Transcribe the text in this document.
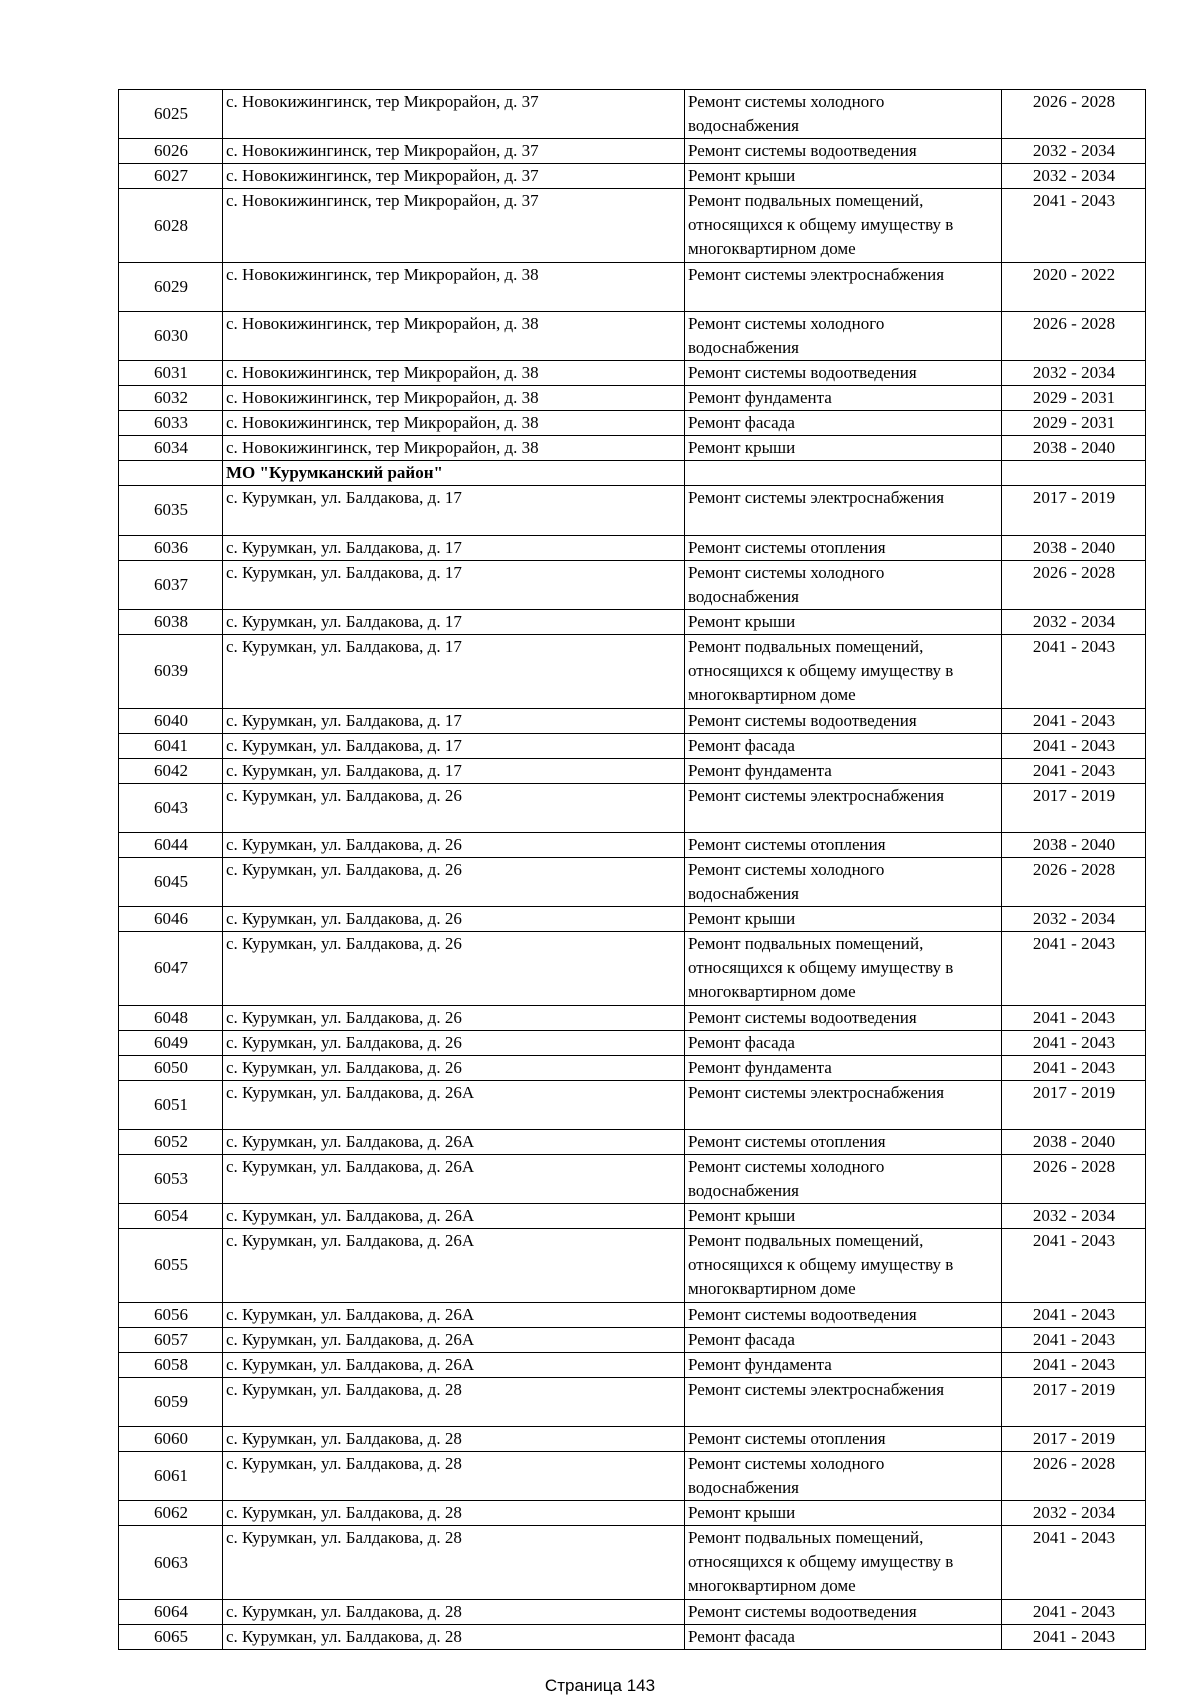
6025	с. Новокижингинск, тер Микрорайон, д. 37	Ремонт системы холодного водоснабжения	2026 - 2028
6026	с. Новокижингинск, тер Микрорайон, д. 37	Ремонт системы водоотведения	2032 - 2034
6027	с. Новокижингинск, тер Микрорайон, д. 37	Ремонт крыши	2032 - 2034
6028	с. Новокижингинск, тер Микрорайон, д. 37	Ремонт подвальных помещений, относящихся к общему имуществу в многоквартирном доме	2041 - 2043
6029	с. Новокижингинск, тер Микрорайон, д. 38	Ремонт системы электроснабжения	2020 - 2022
6030	с. Новокижингинск, тер Микрорайон, д. 38	Ремонт системы холодного водоснабжения	2026 - 2028
6031	с. Новокижингинск, тер Микрорайон, д. 38	Ремонт системы водоотведения	2032 - 2034
6032	с. Новокижингинск, тер Микрорайон, д. 38	Ремонт фундамента	2029 - 2031
6033	с. Новокижингинск, тер Микрорайон, д. 38	Ремонт фасада	2029 - 2031
6034	с. Новокижингинск, тер Микрорайон, д. 38	Ремонт крыши	2038 - 2040
	МО "Курумканский район"		
6035	с. Курумкан, ул. Балдакова, д. 17	Ремонт системы электроснабжения	2017 - 2019
6036	с. Курумкан, ул. Балдакова, д. 17	Ремонт системы отопления	2038 - 2040
6037	с. Курумкан, ул. Балдакова, д. 17	Ремонт системы холодного водоснабжения	2026 - 2028
6038	с. Курумкан, ул. Балдакова, д. 17	Ремонт крыши	2032 - 2034
6039	с. Курумкан, ул. Балдакова, д. 17	Ремонт подвальных помещений, относящихся к общему имуществу в многоквартирном доме	2041 - 2043
6040	с. Курумкан, ул. Балдакова, д. 17	Ремонт системы водоотведения	2041 - 2043
6041	с. Курумкан, ул. Балдакова, д. 17	Ремонт фасада	2041 - 2043
6042	с. Курумкан, ул. Балдакова, д. 17	Ремонт фундамента	2041 - 2043
6043	с. Курумкан, ул. Балдакова, д. 26	Ремонт системы электроснабжения	2017 - 2019
6044	с. Курумкан, ул. Балдакова, д. 26	Ремонт системы отопления	2038 - 2040
6045	с. Курумкан, ул. Балдакова, д. 26	Ремонт системы холодного водоснабжения	2026 - 2028
6046	с. Курумкан, ул. Балдакова, д. 26	Ремонт крыши	2032 - 2034
6047	с. Курумкан, ул. Балдакова, д. 26	Ремонт подвальных помещений, относящихся к общему имуществу в многоквартирном доме	2041 - 2043
6048	с. Курумкан, ул. Балдакова, д. 26	Ремонт системы водоотведения	2041 - 2043
6049	с. Курумкан, ул. Балдакова, д. 26	Ремонт фасада	2041 - 2043
6050	с. Курумкан, ул. Балдакова, д. 26	Ремонт фундамента	2041 - 2043
6051	с. Курумкан, ул. Балдакова, д. 26А	Ремонт системы электроснабжения	2017 - 2019
6052	с. Курумкан, ул. Балдакова, д. 26А	Ремонт системы отопления	2038 - 2040
6053	с. Курумкан, ул. Балдакова, д. 26А	Ремонт системы холодного водоснабжения	2026 - 2028
6054	с. Курумкан, ул. Балдакова, д. 26А	Ремонт крыши	2032 - 2034
6055	с. Курумкан, ул. Балдакова, д. 26А	Ремонт подвальных помещений, относящихся к общему имуществу в многоквартирном доме	2041 - 2043
6056	с. Курумкан, ул. Балдакова, д. 26А	Ремонт системы водоотведения	2041 - 2043
6057	с. Курумкан, ул. Балдакова, д. 26А	Ремонт фасада	2041 - 2043
6058	с. Курумкан, ул. Балдакова, д. 26А	Ремонт фундамента	2041 - 2043
6059	с. Курумкан, ул. Балдакова, д. 28	Ремонт системы электроснабжения	2017 - 2019
6060	с. Курумкан, ул. Балдакова, д. 28	Ремонт системы отопления	2017 - 2019
6061	с. Курумкан, ул. Балдакова, д. 28	Ремонт системы холодного водоснабжения	2026 - 2028
6062	с. Курумкан, ул. Балдакова, д. 28	Ремонт крыши	2032 - 2034
6063	с. Курумкан, ул. Балдакова, д. 28	Ремонт подвальных помещений, относящихся к общему имуществу в многоквартирном доме	2041 - 2043
6064	с. Курумкан, ул. Балдакова, д. 28	Ремонт системы водоотведения	2041 - 2043
6065	с. Курумкан, ул. Балдакова, д. 28	Ремонт фасада	2041 - 2043
Страница 143
